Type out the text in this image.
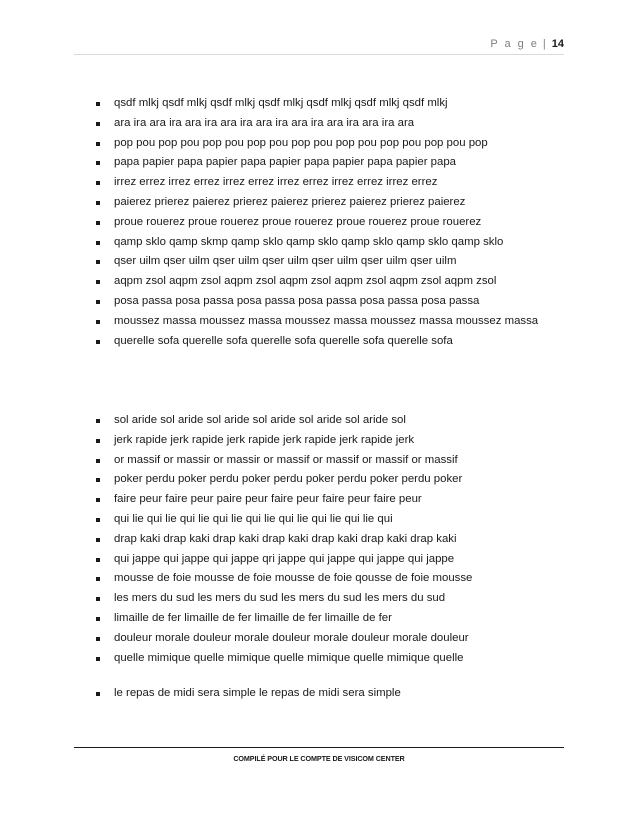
P a g e | 14
qsdf mlkj qsdf mlkj qsdf mlkj qsdf mlkj qsdf mlkj qsdf mlkj qsdf mlkj
ara ira ara ira ara ira ara ira ara ira ara ira ara ira ara ira ara
pop pou pop pou pop pou pop pou pop pou pop pou pop pou pop pou pop
papa papier papa papier papa papier papa papier papa papier papa
irrez errez irrez errez irrez errez irrez errez irrez errez irrez errez
paierez prierez paierez prierez paierez prierez paierez prierez paierez
proue rouerez proue rouerez proue rouerez proue rouerez proue rouerez
qamp sklo qamp skmp qamp sklo qamp sklo qamp sklo qamp sklo qamp sklo
qser uilm qser uilm qser uilm qser uilm qser uilm qser uilm qser uilm
aqpm zsol aqpm zsol aqpm zsol aqpm zsol aqpm zsol aqpm zsol aqpm zsol
posa passa posa passa posa passa posa passa posa passa posa passa
moussez massa moussez massa moussez massa moussez massa moussez massa
querelle sofa querelle sofa querelle sofa querelle sofa querelle sofa
sol aride sol aride sol aride sol aride sol aride sol aride sol
jerk rapide jerk rapide jerk rapide jerk rapide jerk rapide jerk
or massif or massir or massir or massif or massif or massif or massif
poker perdu poker perdu poker perdu poker perdu poker perdu poker
faire peur faire peur paire peur faire peur faire peur faire peur
qui lie qui lie qui lie qui lie qui lie qui lie qui lie qui lie qui
drap kaki drap kaki drap kaki drap kaki drap kaki drap kaki drap kaki
qui jappe qui jappe qui jappe qri jappe qui jappe qui jappe qui jappe
mousse de foie mousse de foie mousse de foie qousse de foie mousse
les mers du sud les mers du sud les mers du sud les mers du sud
limaille de fer limaille de fer limaille de fer limaille de fer
douleur morale douleur morale douleur morale douleur morale douleur
quelle mimique quelle mimique quelle mimique quelle mimique quelle
le repas de midi sera simple le repas de midi sera simple
COMPILÉ POUR LE COMPTE DE VISICOM CENTER
